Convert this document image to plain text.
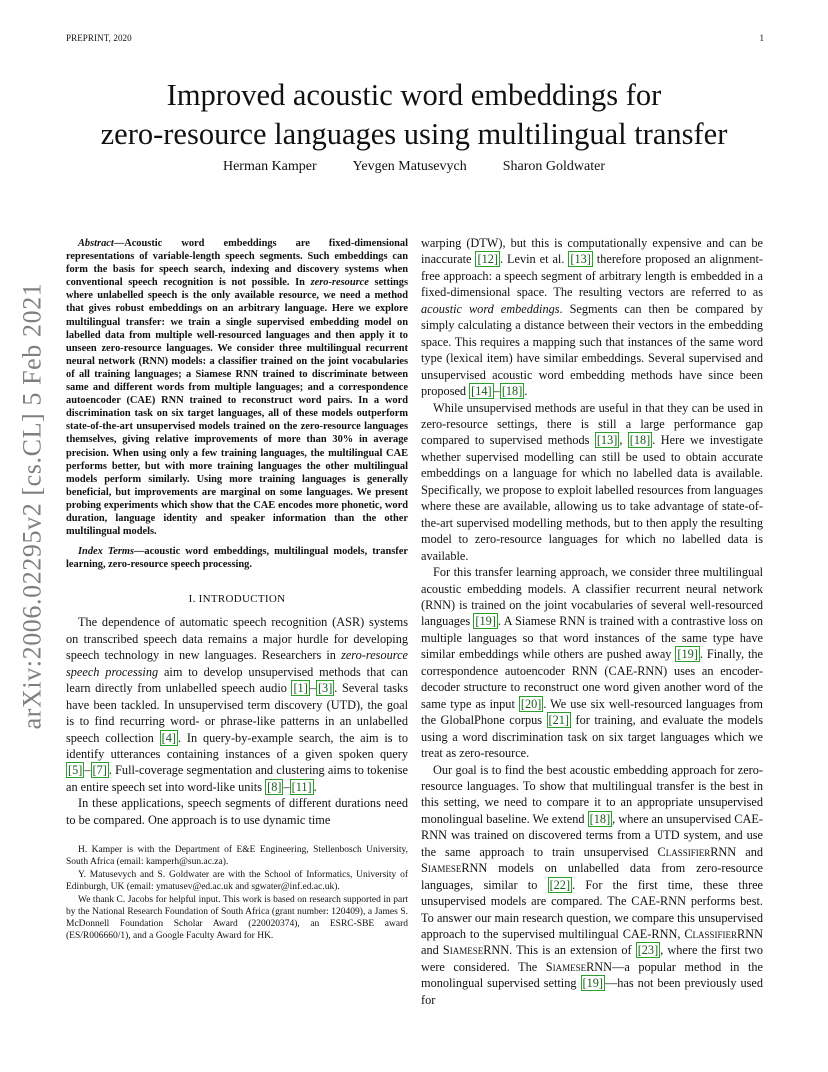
PREPRINT, 2020	1
arXiv:2006.02295v2 [cs.CL] 5 Feb 2021
Improved acoustic word embeddings for
zero-resource languages using multilingual transfer
Herman Kamper	Yevgen Matusevych	Sharon Goldwater

Abstract—Acoustic word embeddings are fixed-dimensional representations of variable-length speech segments. Such embeddings can form the basis for speech search, indexing and discovery systems when conventional speech recognition is not possible. In zero-resource settings where unlabelled speech is the only available resource, we need a method that gives robust embeddings on an arbitrary language. Here we explore multilingual transfer: we train a single supervised embedding model on labelled data from multiple well-resourced languages and then apply it to unseen zero-resource languages. We consider three multilingual recurrent neural network (RNN) models: a classifier trained on the joint vocabularies of all training languages; a Siamese RNN trained to discriminate between same and different words from multiple languages; and a correspondence autoencoder (CAE) RNN trained to reconstruct word pairs. In a word discrimination task on six target languages, all of these models outperform state-of-the-art unsupervised models trained on the zero-resource languages themselves, giving relative improvements of more than 30% in average precision. When using only a few training languages, the multilingual CAE performs better, but with more training languages the other multilingual models perform similarly. Using more training languages is generally beneficial, but improvements are marginal on some languages. We present probing experiments which show that the CAE encodes more phonetic, word duration, language identity and speaker information than the other multilingual models.

Index Terms—acoustic word embeddings, multilingual models, transfer learning, zero-resource speech processing.

I. INTRODUCTION

The dependence of automatic speech recognition (ASR) systems on transcribed speech data remains a major hurdle for developing speech technology in new languages. Researchers in zero-resource speech processing aim to develop unsupervised methods that can learn directly from unlabelled speech audio [1] – [3] . Several tasks have been tackled. In unsupervised term discovery (UTD), the goal is to find recurring word- or phrase-like patterns in an unlabelled speech collection [4] . In query-by-example search, the aim is to identify utterances containing instances of a given spoken query [5] – [7] . Full-coverage segmentation and clustering aims to tokenise an entire speech set into word-like units [8] – [11] .

In these applications, speech segments of different durations need to be compared. One approach is to use dynamic time

H. Kamper is with the Department of E&E Engineering, Stellenbosch University, South Africa (email: kamperh@sun.ac.za).

Y. Matusevych and S. Goldwater are with the School of Informatics, University of Edinburgh, UK (email: ymatusev@ed.ac.uk and sgwater@inf.ed.ac.uk).

We thank C. Jacobs for helpful input. This work is based on research supported in part by the National Research Foundation of South Africa (grant number: 120409), a James S. McDonnell Foundation Scholar Award (220020374), an ESRC-SBE award (ES/R006660/1), and a Google Faculty Award for HK.

warping (DTW), but this is computationally expensive and can be inaccurate [12] . Levin et al. [13] therefore proposed an alignment-free approach: a speech segment of arbitrary length is embedded in a fixed-dimensional space. The resulting vectors are referred to as acoustic word embeddings. Segments can then be compared by simply calculating a distance between their vectors in the embedding space. This requires a mapping such that instances of the same word type (lexical item) have similar embeddings. Several supervised and unsupervised acoustic word embedding methods have since been proposed [14] – [18] .

While unsupervised methods are useful in that they can be used in zero-resource settings, there is still a large performance gap compared to supervised methods [13] , [18] . Here we investigate whether supervised modelling can still be used to obtain accurate embeddings on a language for which no labelled data is available. Specifically, we propose to exploit labelled resources from languages where these are available, allowing us to take advantage of state-of-the-art supervised modelling methods, but to then apply the resulting model to zero-resource languages for which no labelled data is available.

For this transfer learning approach, we consider three multilingual acoustic embedding models. A classifier recurrent neural network (RNN) is trained on the joint vocabularies of several well-resourced languages [19] . A Siamese RNN is trained with a contrastive loss on multiple languages so that word instances of the same type have similar embeddings while others are pushed away [19] . Finally, the correspondence autoencoder RNN (CAE-RNN) uses an encoder-decoder structure to reconstruct one word given another word of the same type as input [20] . We use six well-resourced languages from the GlobalPhone corpus [21] for training, and evaluate the models using a word discrimination task on six target languages which we treat as zero-resource.

Our goal is to find the best acoustic embedding approach for zero-resource languages. To show that multilingual transfer is the best in this setting, we need to compare it to an appropriate unsupervised monolingual baseline. We extend [18] , where an unsupervised CAE-RNN was trained on discovered terms from a UTD system, and use the same approach to train unsupervised ClassifierRNN and SiameseRNN models on unlabelled data from zero-resource languages, similar to [22] . For the first time, these three unsupervised models are compared. The CAE-RNN performs best. To answer our main research question, we compare this unsupervised approach to the supervised multilingual CAE-RNN, ClassifierRNN and SiameseRNN. This is an extension of [23] , where the first two were considered. The SiameseRNN—a popular method in the monolingual supervised setting [19] —has not been previously used for
